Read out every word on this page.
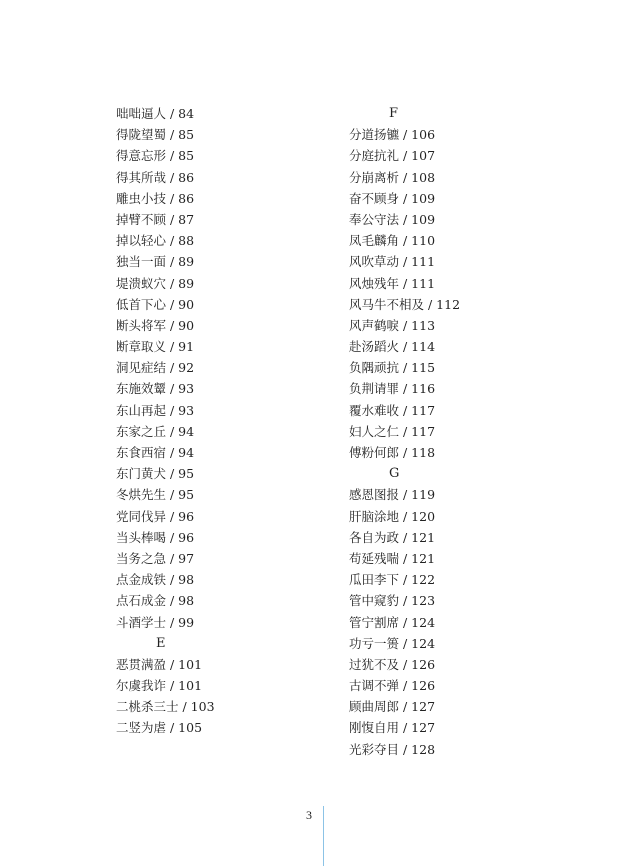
咄咄逼人 / 84
得陇望蜀 / 85
得意忘形 / 85
得其所哉 / 86
雕虫小技 / 86
掉臂不顾 / 87
掉以轻心 / 88
独当一面 / 89
堤溃蚁穴 / 89
低首下心 / 90
断头将军 / 90
断章取义 / 91
洞见症结 / 92
东施效颦 / 93
东山再起 / 93
东家之丘 / 94
东食西宿 / 94
东门黄犬 / 95
冬烘先生 / 95
党同伐异 / 96
当头棒喝 / 96
当务之急 / 97
点金成铁 / 98
点石成金 / 98
斗酒学士 / 99
E
恶贯满盈 / 101
尔虞我诈 / 101
二桃杀三士 / 103
二竖为虐 / 105
F
分道扬镳 / 106
分庭抗礼 / 107
分崩离析 / 108
奋不顾身 / 109
奉公守法 / 109
凤毛麟角 / 110
风吹草动 / 111
风烛残年 / 111
风马牛不相及 / 112
风声鹤唳 / 113
赴汤蹈火 / 114
负隅顽抗 / 115
负荆请罪 / 116
覆水难收 / 117
妇人之仁 / 117
傅粉何郎 / 118
G
感恩图报 / 119
肝脑涂地 / 120
各自为政 / 121
苟延残喘 / 121
瓜田李下 / 122
管中窥豹 / 123
管宁割席 / 124
功亏一篑 / 124
过犹不及 / 126
古调不弹 / 126
顾曲周郎 / 127
刚愎自用 / 127
光彩夺目 / 128
3
